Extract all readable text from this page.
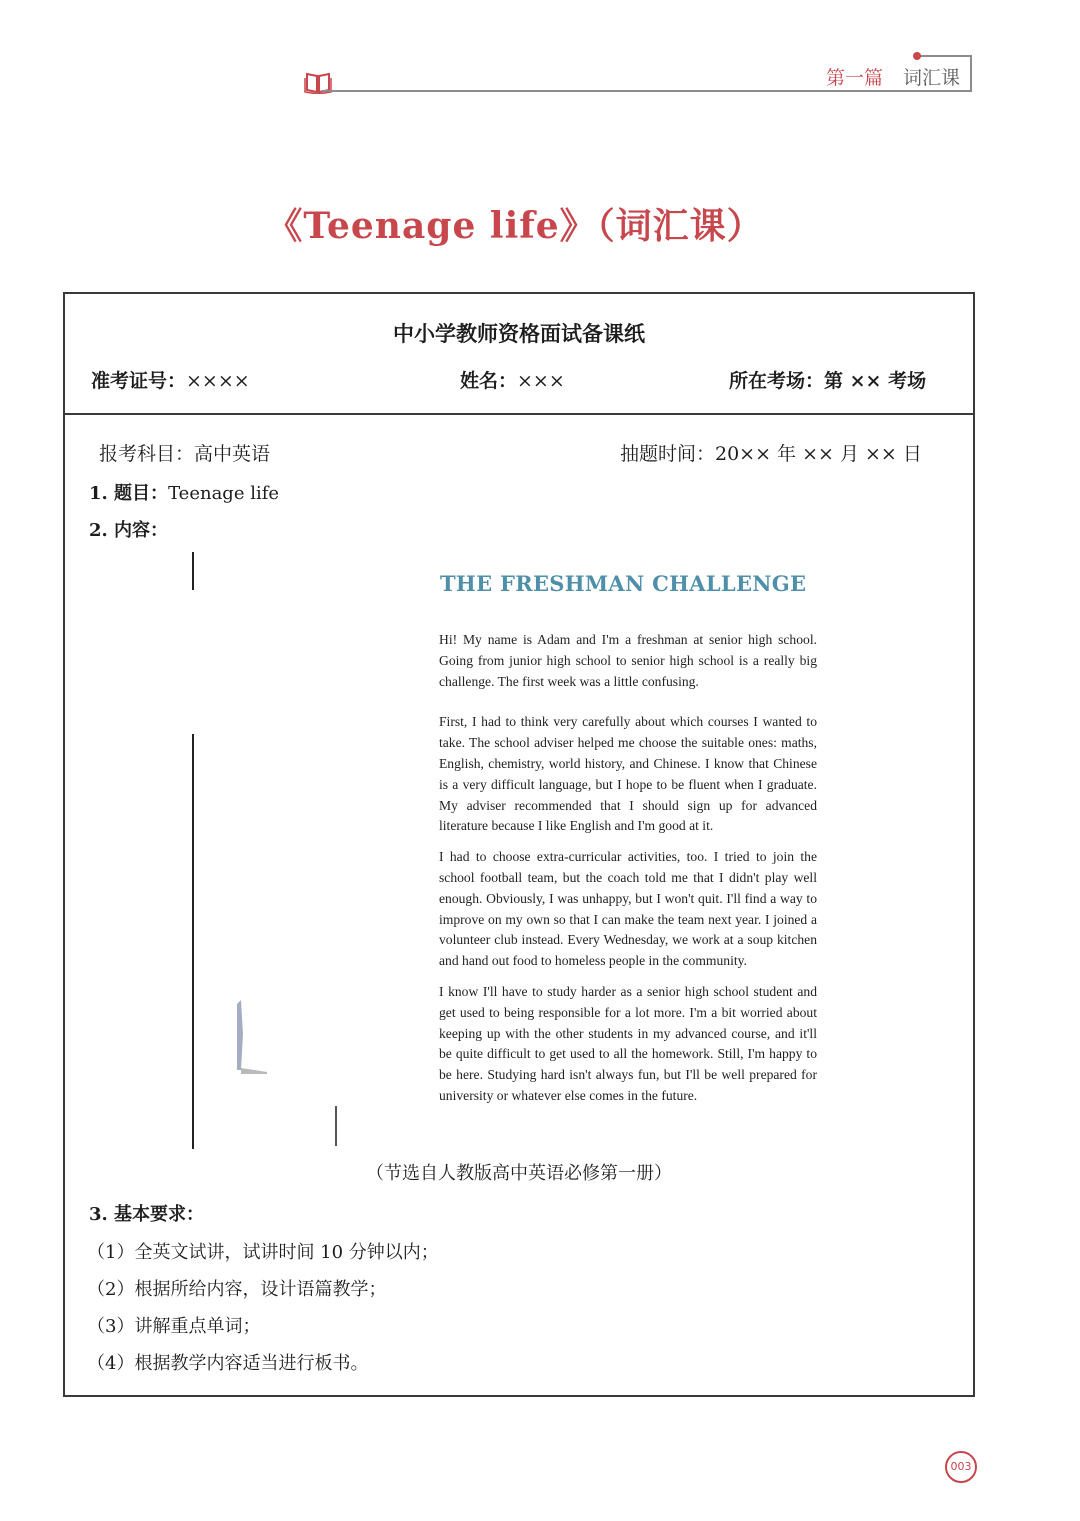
第一篇 词汇课
《Teenage life》（词汇课）
中小学教师资格面试备课纸
准考证号：××××	姓名：×××	所在考场：第 ×× 考场
报考科目：高中英语	抽题时间：20×× 年 ×× 月 ×× 日
1. 题目：Teenage life
2. 内容：
THE FRESHMAN CHALLENGE

Hi! My name is Adam and I'm a freshman at senior high school. Going from junior high school to senior high school is a really big challenge. The first week was a little confusing.

First, I had to think very carefully about which courses I wanted to take. The school adviser helped me choose the suitable ones: maths, English, chemistry, world history, and Chinese. I know that Chinese is a very difficult language, but I hope to be fluent when I graduate. My adviser recommended that I should sign up for advanced literature because I like English and I'm good at it.

I had to choose extra-curricular activities, too. I tried to join the school football team, but the coach told me that I didn't play well enough. Obviously, I was unhappy, but I won't quit. I'll find a way to improve on my own so that I can make the team next year. I joined a volunteer club instead. Every Wednesday, we work at a soup kitchen and hand out food to homeless people in the community.

I know I'll have to study harder as a senior high school student and get used to being responsible for a lot more. I'm a bit worried about keeping up with the other students in my advanced course, and it'll be quite difficult to get used to all the homework. Still, I'm happy to be here. Studying hard isn't always fun, but I'll be well prepared for university or whatever else comes in the future.

（节选自人教版高中英语必修第一册）
3. 基本要求：
（1）全英文试讲，试讲时间 10 分钟以内；
（2）根据所给内容，设计语篇教学；
（3）讲解重点单词；
（4）根据教学内容适当进行板书。
003
